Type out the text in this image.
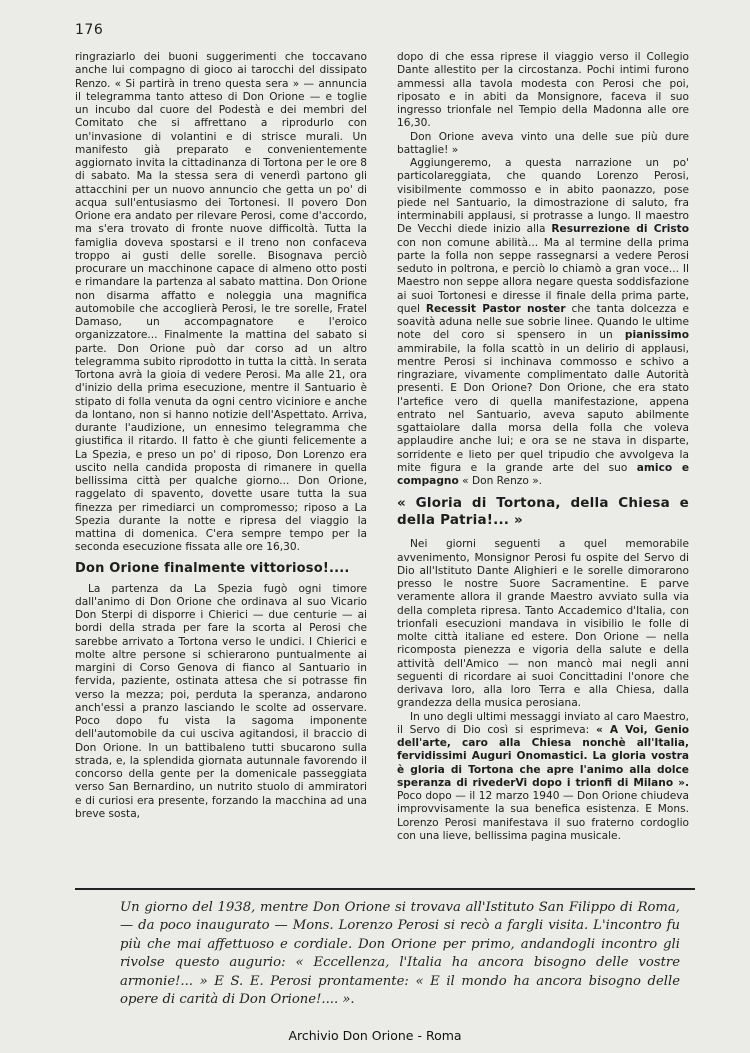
176

ringraziarlo dei buoni suggerimenti che toccavano anche lui compagno di gioco ai tarocchi del dissipato Renzo. « Si partirà in treno questa sera » — annuncia il telegramma tanto atteso di Don Orione — e toglie un incubo dal cuore del Podestà e dei membri del Comitato che si affrettano a riprodurlo con un'invasione di volantini e di strisce murali. Un manifesto già preparato e convenientemente aggiornato invita la cittadinanza di Tortona per le ore 8 di sabato. Ma la stessa sera di venerdì partono gli attacchini per un nuovo annuncio che getta un po' di acqua sull'entusiasmo dei Tortonesi. Il povero Don Orione era andato per rilevare Perosi, come d'accordo, ma s'era trovato di fronte nuove difficoltà. Tutta la famiglia doveva spostarsi e il treno non confaceva troppo ai gusti delle sorelle. Bisognava perciò procurare un macchinone capace di almeno otto posti e rimandare la partenza al sabato mattina. Don Orione non disarma affatto e noleggia una magnifica automobile che accoglierà Perosi, le tre sorelle, Fratel Damaso, un accompagnatore e l'eroico organizzatore... Finalmente la mattina del sabato si parte. Don Orione può dar corso ad un altro telegramma subito riprodotto in tutta la città. In serata Tortona avrà la gioia di vedere Perosi. Ma alle 21, ora d'inizio della prima esecuzione, mentre il Santuario è stipato di folla venuta da ogni centro viciniore e anche da lontano, non si hanno notizie dell'Aspettato. Arriva, durante l'audizione, un ennesimo telegramma che giustifica il ritardo. Il fatto è che giunti felicemente a La Spezia, e preso un po' di riposo, Don Lorenzo era uscito nella candida proposta di rimanere in quella bellissima città per qualche giorno... Don Orione, raggelato di spavento, dovette usare tutta la sua finezza per rimediarci un compromesso; riposo a La Spezia durante la notte e ripresa del viaggio la mattina di domenica. C'era sempre tempo per la seconda esecuzione fissata alle ore 16,30.

Don Orione finalmente vittorioso!....

La partenza da La Spezia fugò ogni timore dall'animo di Don Orione che ordinava al suo Vicario Don Sterpi di disporre i Chierici — due centurie — ai bordi della strada per fare la scorta al Perosi che sarebbe arrivato a Tortona verso le undici. I Chierici e molte altre persone si schierarono puntualmente ai margini di Corso Genova di fianco al Santuario in fervida, paziente, ostinata attesa che si potrasse fin verso la mezza; poi, perduta la speranza, andarono anch'essi a pranzo lasciando le scolte ad osservare. Poco dopo fu vista la sagoma imponente dell'automobile da cui usciva agitandosi, il braccio di Don Orione. In un battibaleno tutti sbucarono sulla strada, e, la splendida giornata autunnale favorendo il concorso della gente per la domenicale passeggiata verso San Bernardino, un nutrito stuolo di ammiratori e di curiosi era presente, forzando la macchina ad una breve sosta,

dopo di che essa riprese il viaggio verso il Collegio Dante allestito per la circostanza. Pochi intimi furono ammessi alla tavola modesta con Perosi che poi, riposato e in abiti da Monsignore, faceva il suo ingresso trionfale nel Tempio della Madonna alle ore 16,30.

Don Orione aveva vinto una delle sue più dure battaglie! »

Aggiungeremo, a questa narrazione un po' particolareggiata, che quando Lorenzo Perosi, visibilmente commosso e in abito paonazzo, pose piede nel Santuario, la dimostrazione di saluto, fra interminabili applausi, si protrasse a lungo. Il maestro De Vecchi diede inizio alla Resurrezione di Cristo con non comune abilità... Ma al termine della prima parte la folla non seppe rassegnarsi a vedere Perosi seduto in poltrona, e perciò lo chiamò a gran voce... Il Maestro non seppe allora negare questa soddisfazione ai suoi Tortonesi e diresse il finale della prima parte, quel Recessit Pastor noster che tanta dolcezza e soavità aduna nelle sue sobrie linee. Quando le ultime note del coro si spensero in un pianissimo ammirabile, la folla scattò in un delirio di applausi, mentre Perosi si inchinava commosso e schivo a ringraziare, vivamente complimentato dalle Autorità presenti. E Don Orione? Don Orione, che era stato l'artefice vero di quella manifestazione, appena entrato nel Santuario, aveva saputo abilmente sgattaiolare dalla morsa della folla che voleva applaudire anche lui; e ora se ne stava in disparte, sorridente e lieto per quel tripudio che avvolgeva la mite figura e la grande arte del suo amico e compagno « Don Renzo ».

« Gloria di Tortona, della Chiesa e della Patria!... »

Nei giorni seguenti a quel memorabile avvenimento, Monsignor Perosi fu ospite del Servo di Dio all'Istituto Dante Alighieri e le sorelle dimorarono presso le nostre Suore Sacramentine. E parve veramente allora il grande Maestro avviato sulla via della completa ripresa. Tanto Accademico d'Italia, con trionfali esecuzioni mandava in visibilio le folle di molte città italiane ed estere. Don Orione — nella ricomposta pienezza e vigoria della salute e della attività dell'Amico — non mancò mai negli anni seguenti di ricordare ai suoi Concittadini l'onore che derivava loro, alla loro Terra e alla Chiesa, dalla grandezza della musica perosiana.

In uno degli ultimi messaggi inviato al caro Maestro, il Servo di Dio così si esprimeva: « A Voi, Genio dell'arte, caro alla Chiesa nonchè all'Italia, fervidissimi Auguri Onomastici. La gloria vostra è gloria di Tortona che apre l'animo alla dolce speranza di rivederVi dopo i trionfi di Milano ». Poco dopo — il 12 marzo 1940 — Don Orione chiudeva improvvisamente la sua benefica esistenza. E Mons. Lorenzo Perosi manifestava il suo fraterno cordoglio con una lieve, bellissima pagina musicale.

Un giorno del 1938, mentre Don Orione si trovava all'Istituto San Filippo di Roma, — da poco inaugurato — Mons. Lorenzo Perosi si recò a fargli visita. L'incontro fu più che mai affettuoso e cordiale. Don Orione per primo, andandogli incontro gli rivolse questo augurio: « Eccellenza, l'Italia ha ancora bisogno delle vostre armonie!... » E S. E. Perosi prontamente: « E il mondo ha ancora bisogno delle opere di carità di Don Orione!.... ».
Archivio Don Orione - Roma
